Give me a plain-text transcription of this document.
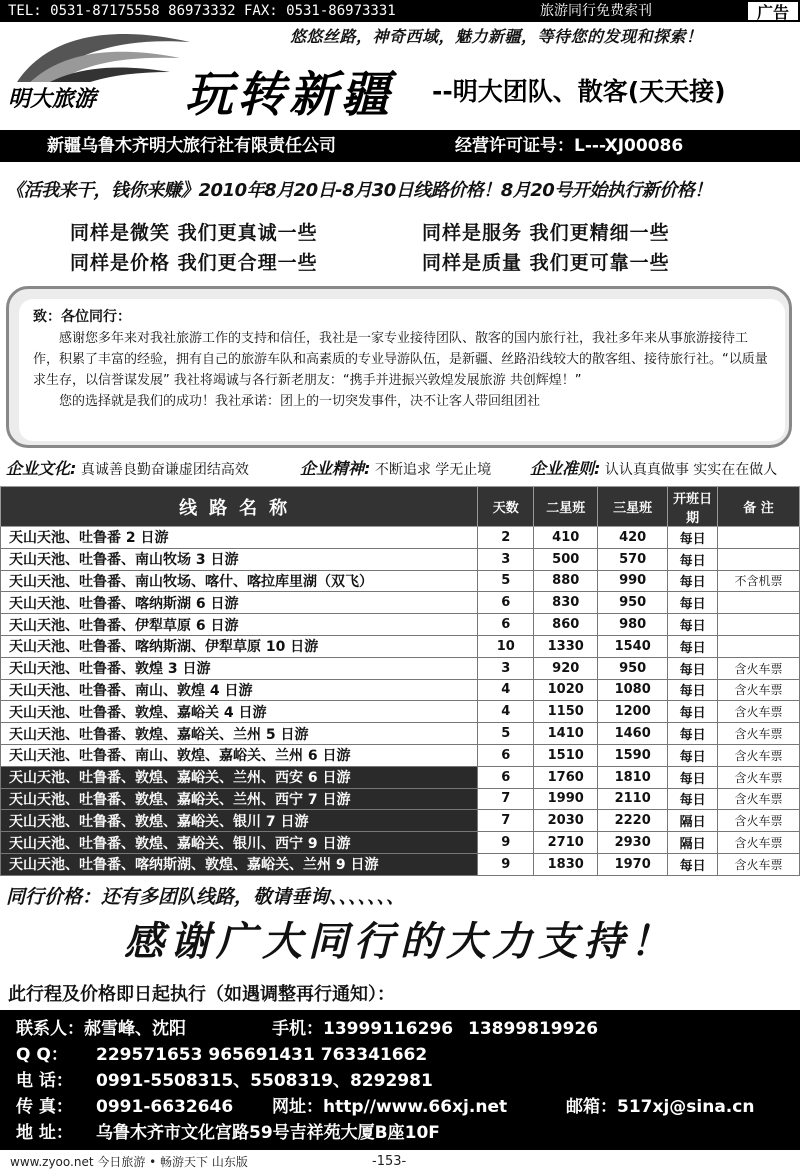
TEL: 0531-87175558 86973332 FAX: 0531-86973331	旅游同行免费索刊	广告
明大旅游
悠悠丝路，神奇西域，魅力新疆，等待您的发现和探索！
玩转新疆 --明大团队、散客(天天接)
新疆乌鲁木齐明大旅行社有限责任公司	经营许可证号：L---XJ00086
《活我来干，钱你来赚》2010年8月20日-8月30日线路价格！8月20号开始执行新价格！
同样是微笑 我们更真诚一些	同样是服务 我们更精细一些
同样是价格 我们更合理一些	同样是质量 我们更可靠一些
致：各位同行：

感谢您多年来对我社旅游工作的支持和信任，我社是一家专业接待团队、散客的国内旅行社，我社多年来从事旅游接待工作，积累了丰富的经验，拥有自己的旅游车队和高素质的专业导游队伍，是新疆、丝路沿线较大的散客组、接待旅行社。“以质量求生存，以信誉谋发展” 我社将竭诚与各行新老朋友：“携手并进振兴敦煌发展旅游 共创辉煌！”

您的选择就是我们的成功！我社承诺：团上的一切突发事件，决不让客人带回组团社

企业文化: 真诚善良勤奋谦虚团结高效	企业精神: 不断追求 学无止境 企业准则: 认认真真做事 实实在在做人
线路名称	天数	二星班	三星班	开班日期	备 注
天山天池、吐鲁番 2 日游	2	410	420	每日	
天山天池、吐鲁番、南山牧场 3 日游	3	500	570	每日	
天山天池、吐鲁番、南山牧场、喀什、喀拉库里湖（双飞）	5	880	990	每日	不含机票
天山天池、吐鲁番、喀纳斯湖 6 日游	6	830	950	每日	
天山天池、吐鲁番、伊犁草原 6 日游	6	860	980	每日	
天山天池、吐鲁番、喀纳斯湖、伊犁草原 10 日游	10	1330	1540	每日	
天山天池、吐鲁番、敦煌 3 日游	3	920	950	每日	含火车票
天山天池、吐鲁番、南山、敦煌 4 日游	4	1020	1080	每日	含火车票
天山天池、吐鲁番、敦煌、嘉峪关 4 日游	4	1150	1200	每日	含火车票
天山天池、吐鲁番、敦煌、嘉峪关、兰州 5 日游	5	1410	1460	每日	含火车票
天山天池、吐鲁番、南山、敦煌、嘉峪关、兰州 6 日游	6	1510	1590	每日	含火车票
天山天池、吐鲁番、敦煌、嘉峪关、兰州、西安 6 日游	6	1760	1810	每日	含火车票
天山天池、吐鲁番、敦煌、嘉峪关、兰州、西宁 7 日游	7	1990	2110	每日	含火车票
天山天池、吐鲁番、敦煌、嘉峪关、银川 7 日游	7	2030	2220	隔日	含火车票
天山天池、吐鲁番、敦煌、嘉峪关、银川、西宁 9 日游	9	2710	2930	隔日	含火车票
天山天池、吐鲁番、喀纳斯湖、敦煌、嘉峪关、兰州 9 日游	9	1830	1970	每日	含火车票
同行价格：还有多团队线路，敬请垂询、、、、、、、
感谢广大同行的大力支持！
此行程及价格即日起执行（如遇调整再行通知）：
联系人：郝雪峰、沈阳	手机：13999116296 13899819926
Q Q： 229571653 965691431 763341662
电 话： 0991-5508315、5508319、8292981
传 真： 0991-6632646 网址：http//www.66xj.net	邮箱：517xj@sina.cn
地 址： 乌鲁木齐市文化宫路59号吉祥苑大厦B座10F
www.zyoo.net 今日旅游 • 畅游天下 山东版	-153-
